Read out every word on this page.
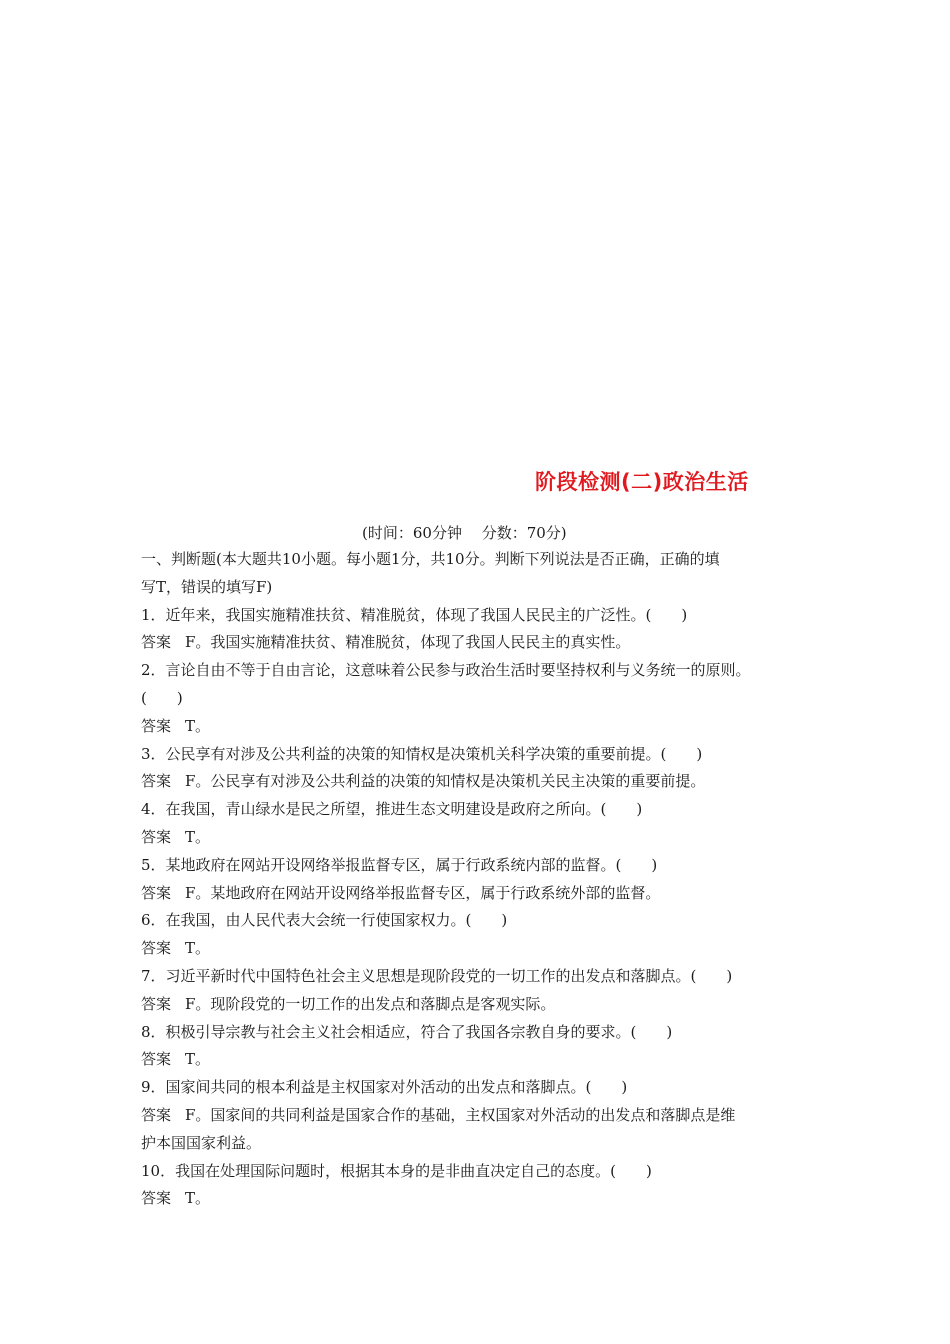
阶段检测(二)政治生活
(时间：60分钟　 分数：70分)
一、判断题(本大题共10小题。每小题1分，共10分。判断下列说法是否正确，正确的填
写T，错误的填写F)
1．近年来，我国实施精准扶贫、精准脱贫，体现了我国人民民主的广泛性。(　　)
答案 F。我国实施精准扶贫、精准脱贫，体现了我国人民民主的真实性。
2．言论自由不等于自由言论，这意味着公民参与政治生活时要坚持权利与义务统一的原则。
(　　)
答案 T。
3．公民享有对涉及公共利益的决策的知情权是决策机关科学决策的重要前提。(　　)
答案 F。公民享有对涉及公共利益的决策的知情权是决策机关民主决策的重要前提。
4．在我国，青山绿水是民之所望，推进生态文明建设是政府之所向。(　　)
答案 T。
5．某地政府在网站开设网络举报监督专区，属于行政系统内部的监督。(　　)
答案 F。某地政府在网站开设网络举报监督专区，属于行政系统外部的监督。
6．在我国，由人民代表大会统一行使国家权力。(　　)
答案 T。
7．习近平新时代中国特色社会主义思想是现阶段党的一切工作的出发点和落脚点。(　　)
答案 F。现阶段党的一切工作的出发点和落脚点是客观实际。
8．积极引导宗教与社会主义社会相适应，符合了我国各宗教自身的要求。(　　)
答案 T。
9．国家间共同的根本利益是主权国家对外活动的出发点和落脚点。(　　)
答案 F。国家间的共同利益是国家合作的基础，主权国家对外活动的出发点和落脚点是维
护本国国家利益。
10．我国在处理国际问题时，根据其本身的是非曲直决定自己的态度。(　　)
答案 T。
